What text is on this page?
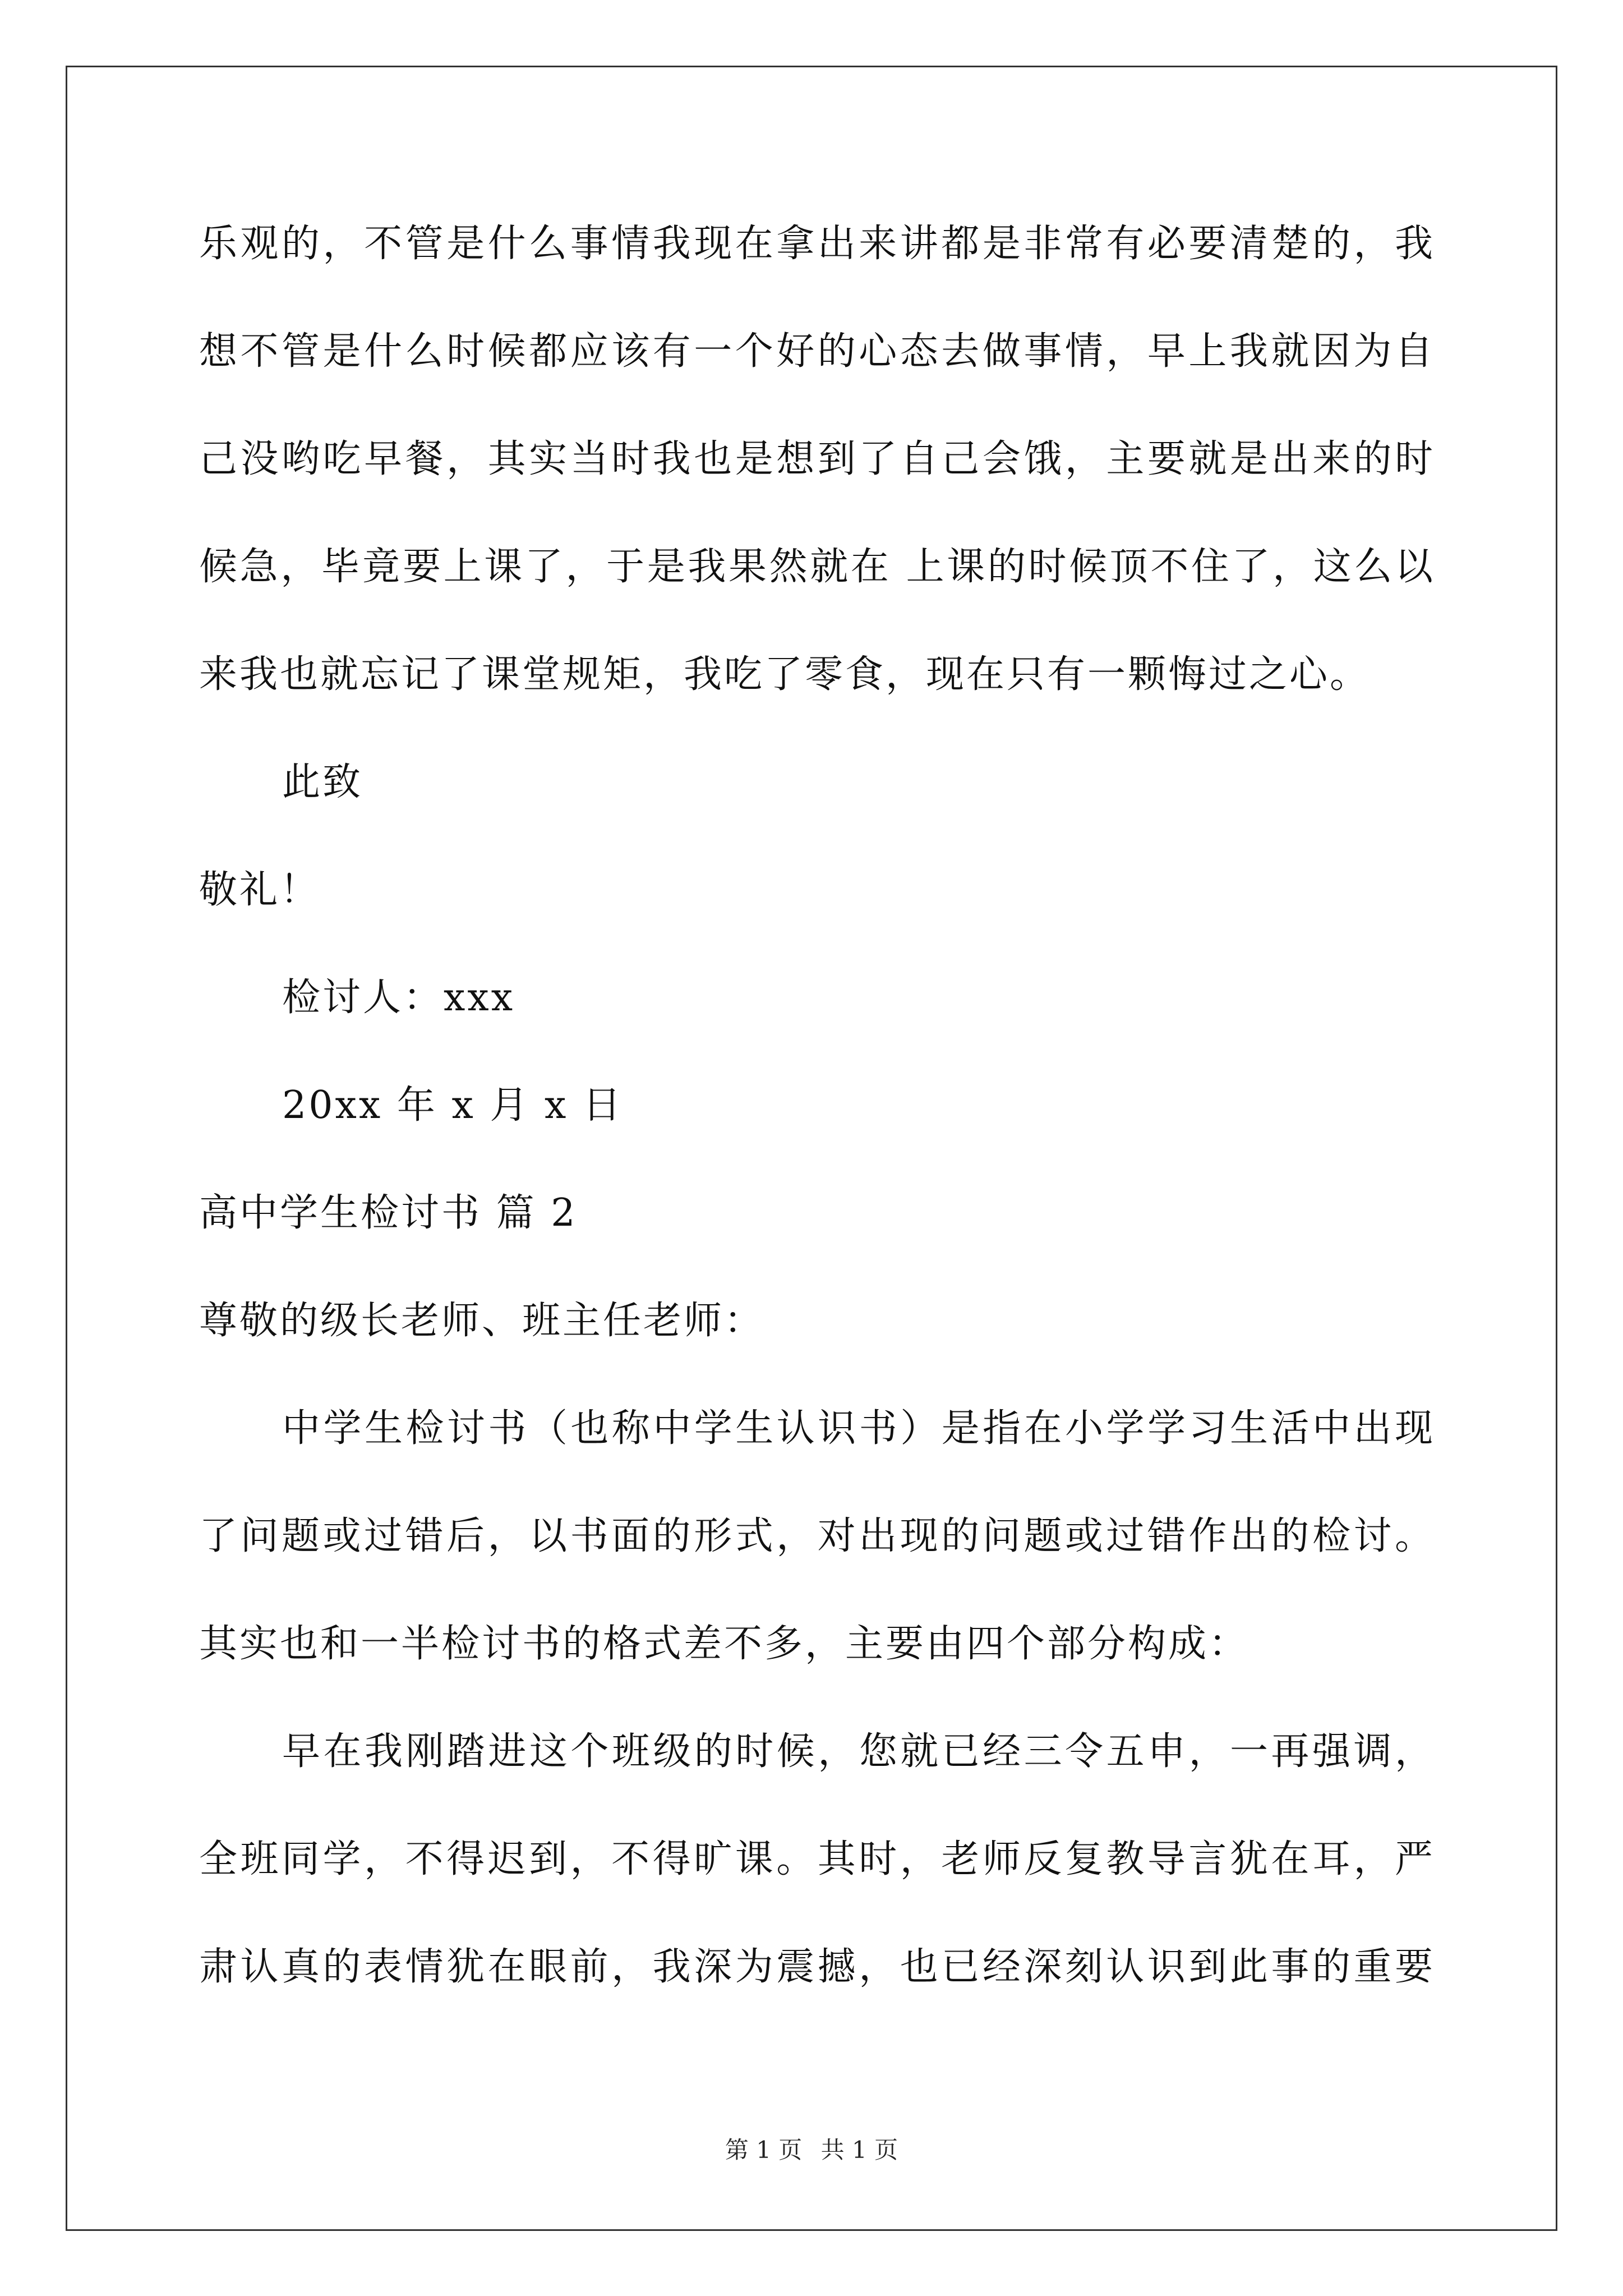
乐观的，不管是什么事情我现在拿出来讲都是非常有必要清楚的，我
想不管是什么时候都应该有一个好的心态去做事情，早上我就因为自
己没哟吃早餐，其实当时我也是想到了自己会饿，主要就是出来的时
候急，毕竟要上课了，于是我果然就在 上课的时候顶不住了，这么以
来我也就忘记了课堂规矩，我吃了零食，现在只有一颗悔过之心。
此致
敬礼！
检讨人：xxx
20xx 年 x 月 x 日
高中学生检讨书 篇 2
尊敬的级长老师、班主任老师：
中学生检讨书（也称中学生认识书）是指在小学学习生活中出现
了问题或过错后，以书面的形式，对出现的问题或过错作出的检讨。
其实也和一半检讨书的格式差不多，主要由四个部分构成：
早在我刚踏进这个班级的时候，您就已经三令五申，一再强调，
全班同学，不得迟到，不得旷课。其时，老师反复教导言犹在耳，严
肃认真的表情犹在眼前，我深为震撼，也已经深刻认识到此事的重要
第 1 页 共 1 页
